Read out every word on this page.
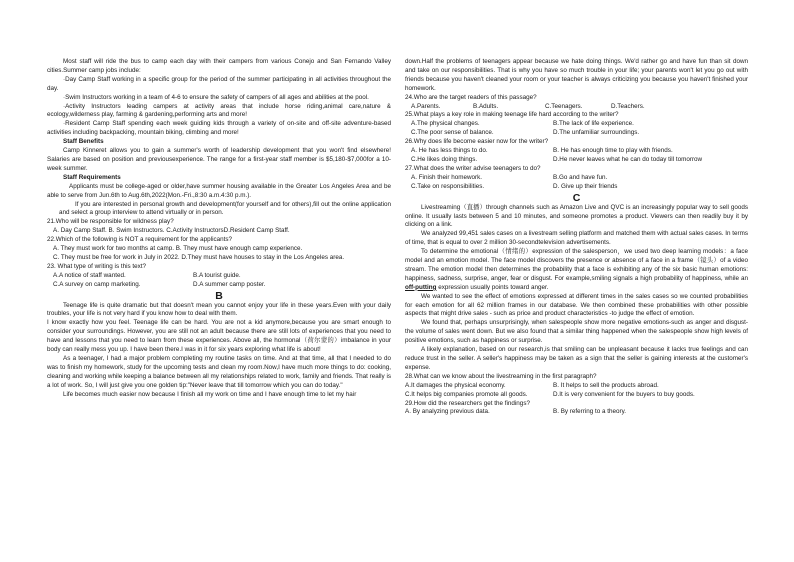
Most staff will ride the bus to camp each day with their campers from various Conejo and San Fernando Valley cities.Summer camp jobs include:

·Day Camp Staff working in a specific group for the period of the summer participating in all activities throughout the day.

·Swim Instructors working in a team of 4-6 to ensure the safety of campers of all ages and abilities at the pool.

·Activity Instructors leading campers at activity areas that include horse riding,animal care,nature & ecology,wilderness play, farming & gardening,performing arts and more!

·Resident Camp Staff spending each week guiding kids through a variety of on-site and off-site adventure-based activities including backpacking, mountain biking, climbing and more!

Staff Benefits

Camp Kinneret allows you to gain a summer's worth of leadership development that you won't find elsewhere! Salaries are based on position and previousexperience. The range for a first-year staff member is $5,180-$7,000for a 10-week summer.

Staff Requirements

Applicants must be college-aged or older,have summer housing available in the Greater Los Angeles Area and be able to serve from Jun.6th to Aug.6th,2022(Mon.-Fri.,8:30 a.m.4:30 p.m.).

If you are interested in personal growth and development(for yourself and for others),fill out the online application and select a group interview to attend virtually or in person.

21.Who will be responsible for wildness play?

A. Day Camp Staff. B. Swim Instructors. C.Activity InstructorsD.Resident Camp Staff.

22.Which of the following is NOT a requirement for the applicants?

A. They must work for two months at camp. B. They must have enough camp experience.

C. They must be free for work in July in 2022. D.They must have houses to stay in the Los Angeles area.

23. What type of writing is this text?

A.A notice of staff wanted.	B.A tourist guide.
C.A survey on camp marketing.	D.A summer camp poster.

B

Teenage life is quite dramatic but that doesn't mean you cannot enjoy your life in these years.Even with your daily troubles, your life is not very hard if you know how to deal with them.

I know exactly how you feel. Teenage life can be hard. You are not a kid anymore,because you are smart enough to consider your surroundings. However, you are still not an adult because there are still lots of experiences that you need to have and lessons that you need to learn from these experiences. Above all, the hormonal（荷尔蒙的）imbalance in your body can really mess you up. I have been there.I was in it for six years exploring what life is about!

As a teenager, I had a major problem completing my routine tasks on time. And at that time, all that I needed to do was to finish my homework, study for the upcoming tests and clean my room.Now,I have much more things to do: cooking, cleaning and working while keeping a balance between all my relationships related to work, family and friends. That really is a lot of work. So, I will just give you one golden tip:"Never leave that till tomorrow which you can do today."

Life becomes much easier now because I finish all my work on time and I have enough time to let my hair

down.Half the problems of teenagers appear because we hate doing things. We'd rather go and have fun than sit down and take on our responsibilities. That is why you have so much trouble in your life; your parents won't let you go out with friends because you haven't cleaned your room or your teacher is always criticizing you because you haven't finished your homework.

24.Who are the target readers of this passage?

A.Parents.	B.Adults.	C.Teenagers.	D.Teachers.

25.What plays a key role in making teenage life hard according to the writer?

A.The physical changes.	B.The lack of life experience.
C.The poor sense of balance.	D.The unfamiliar surroundings.

26.Why does life become easier now for the writer?

A. He has less things to do.	B. He has enough time to play with friends.
C.He likes doing things.	D.He never leaves what he can do today till tomorrow

27.What does the writer advise teenagers to do?

A. Finish their homework.	B.Go and have fun.
C.Take on responsibilities.	D. Give up their friends

C

Livestreaming（直播）through channels such as Amazon Live and QVC is an increasingly popular way to sell goods online. It usually lasts between 5 and 10 minutes, and someone promotes a product. Viewers can then readily buy it by clicking on a link.

We analyzed 99,451 sales cases on a livestream selling platform and matched them with actual sales cases. In terms of time, that is equal to over 2 million 30-secondtelevision advertisements.

To determine the emotional（情绪的）expression of the salesperson，we used two deep learning models：a face model and an emotion model. The face model discovers the presence or absence of a face in a frame（镜头）of a video stream. The emotion model then determines the probability that a face is exhibiting any of the six basic human emotions: happiness, sadness, surprise, anger, fear or disgust. For example,smiling signals a high probability of happiness, while an off-putting expression usually points toward anger.

We wanted to see the effect of emotions expressed at different times in the sales cases so we counted probabilities for each emotion for all 62 million frames in our database. We then combined these probabilities with other possible aspects that might drive sales - such as price and product characteristics -to judge the effect of emotion.

We found that, perhaps unsurprisingly, when salespeople show more negative emotions-such as anger and disgust-the volume of sales went down. But we also found that a similar thing happened when the salespeople show high levels of positive emotions, such as happiness or surprise.

A likely explanation, based on our research,is that smiling can be unpleasant because it lacks true feelings and can reduce trust in the seller. A seller's happiness may be taken as a sign that the seller is gaining interests at the customer's expense.

28.What can we know about the livestreaming in the first paragraph?

A.It damages the physical economy.	B. It helps to sell the products abroad.
C.It helps big companies promote all goods.	D.It is very convenient for the buyers to buy goods.

29.How did the researchers get the findings?

A. By analyzing previous data.	B. By referring to a theory.
